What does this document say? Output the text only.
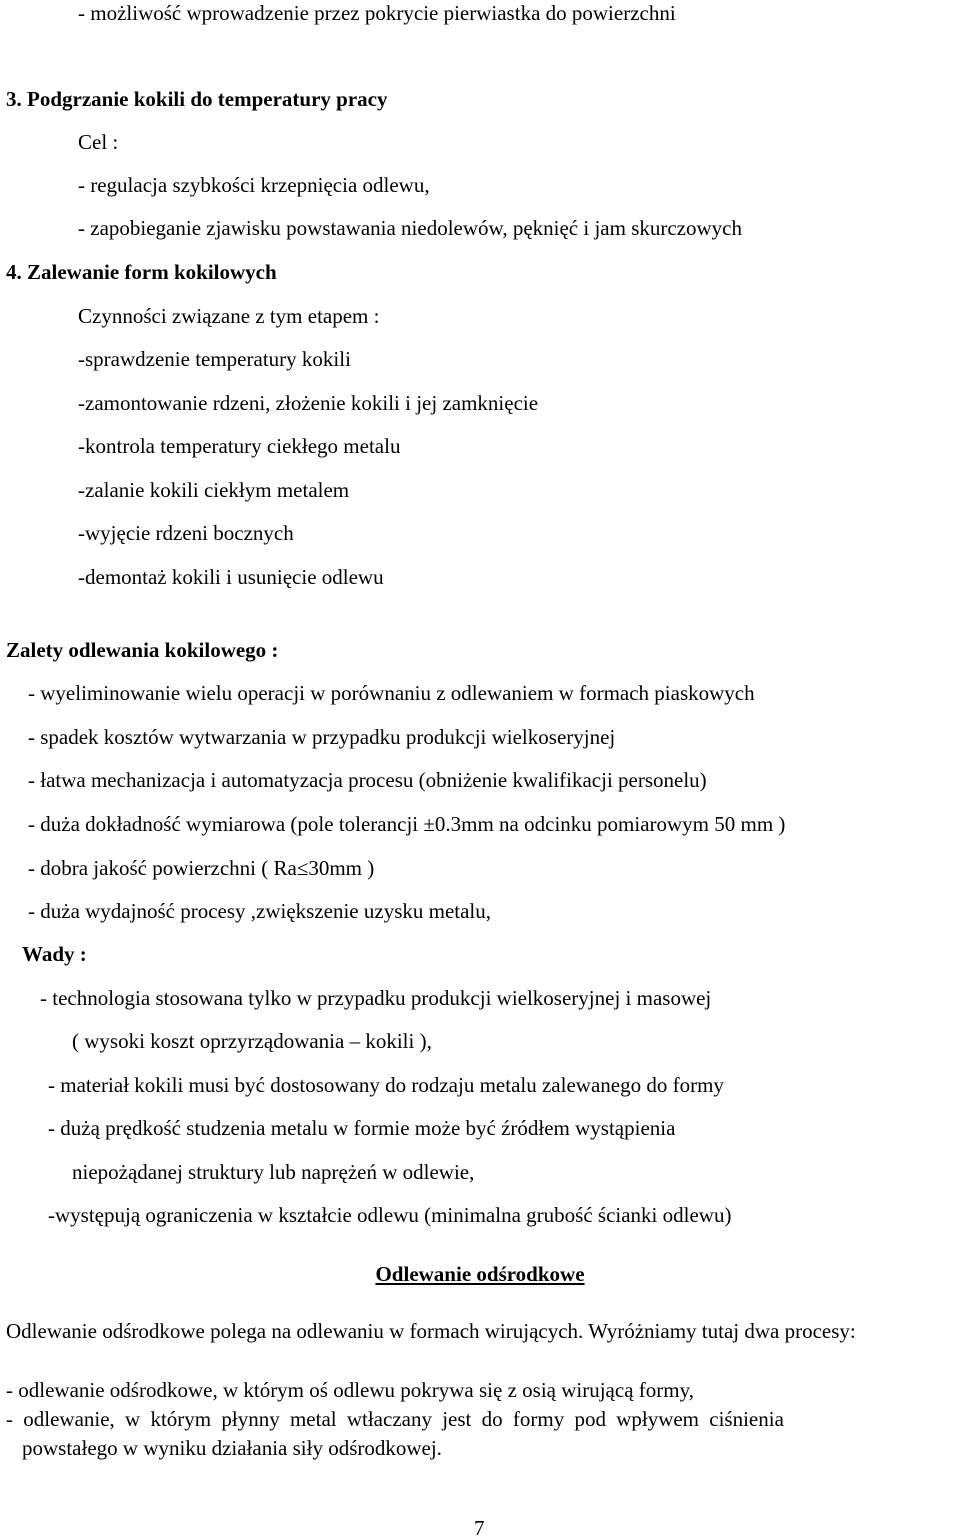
- możliwość wprowadzenie przez pokrycie pierwiastka do powierzchni
3. Podgrzanie kokili do temperatury pracy
Cel :
- regulacja szybkości krzepnięcia odlewu,
- zapobieganie zjawisku powstawania niedolewów, pęknięć i jam skurczowych
4. Zalewanie form kokilowych
Czynności związane z tym etapem :
-sprawdzenie temperatury kokili
-zamontowanie rdzeni, złożenie kokili i jej zamknięcie
-kontrola temperatury ciekłego metalu
-zalanie kokili ciekłym metalem
-wyjęcie rdzeni bocznych
-demontaż kokili i usunięcie odlewu
Zalety odlewania kokilowego :
- wyeliminowanie wielu operacji w porównaniu z odlewaniem w formach piaskowych
- spadek kosztów wytwarzania w przypadku produkcji wielkoseryjnej
- łatwa mechanizacja i automatyzacja procesu (obniżenie kwalifikacji personelu)
- duża dokładność wymiarowa (pole tolerancji ±0.3mm na odcinku pomiarowym 50 mm )
- dobra jakość powierzchni ( Ra≤30mm )
- duża wydajność procesy ,zwiększenie uzysku metalu,
Wady :
- technologia stosowana tylko w przypadku produkcji wielkoseryjnej i masowej
( wysoki koszt oprzyrządowania – kokili ),
- materiał kokili musi być dostosowany do rodzaju metalu zalewanego do formy
- dużą prędkość studzenia metalu w formie może być źródłem wystąpienia
niepożądanej struktury lub naprężeń w odlewie,
-występują ograniczenia w kształcie odlewu (minimalna grubość ścianki odlewu)
Odlewanie odśrodkowe
Odlewanie odśrodkowe polega na odlewaniu w formach wirujących. Wyróżniamy tutaj dwa procesy:
- odlewanie odśrodkowe, w którym oś odlewu pokrywa się z osią wirującą formy,
- odlewanie, w którym płynny metal wtłaczany jest do formy pod wpływem ciśnienia
powstałego w wyniku działania siły odśrodkowej.
7
